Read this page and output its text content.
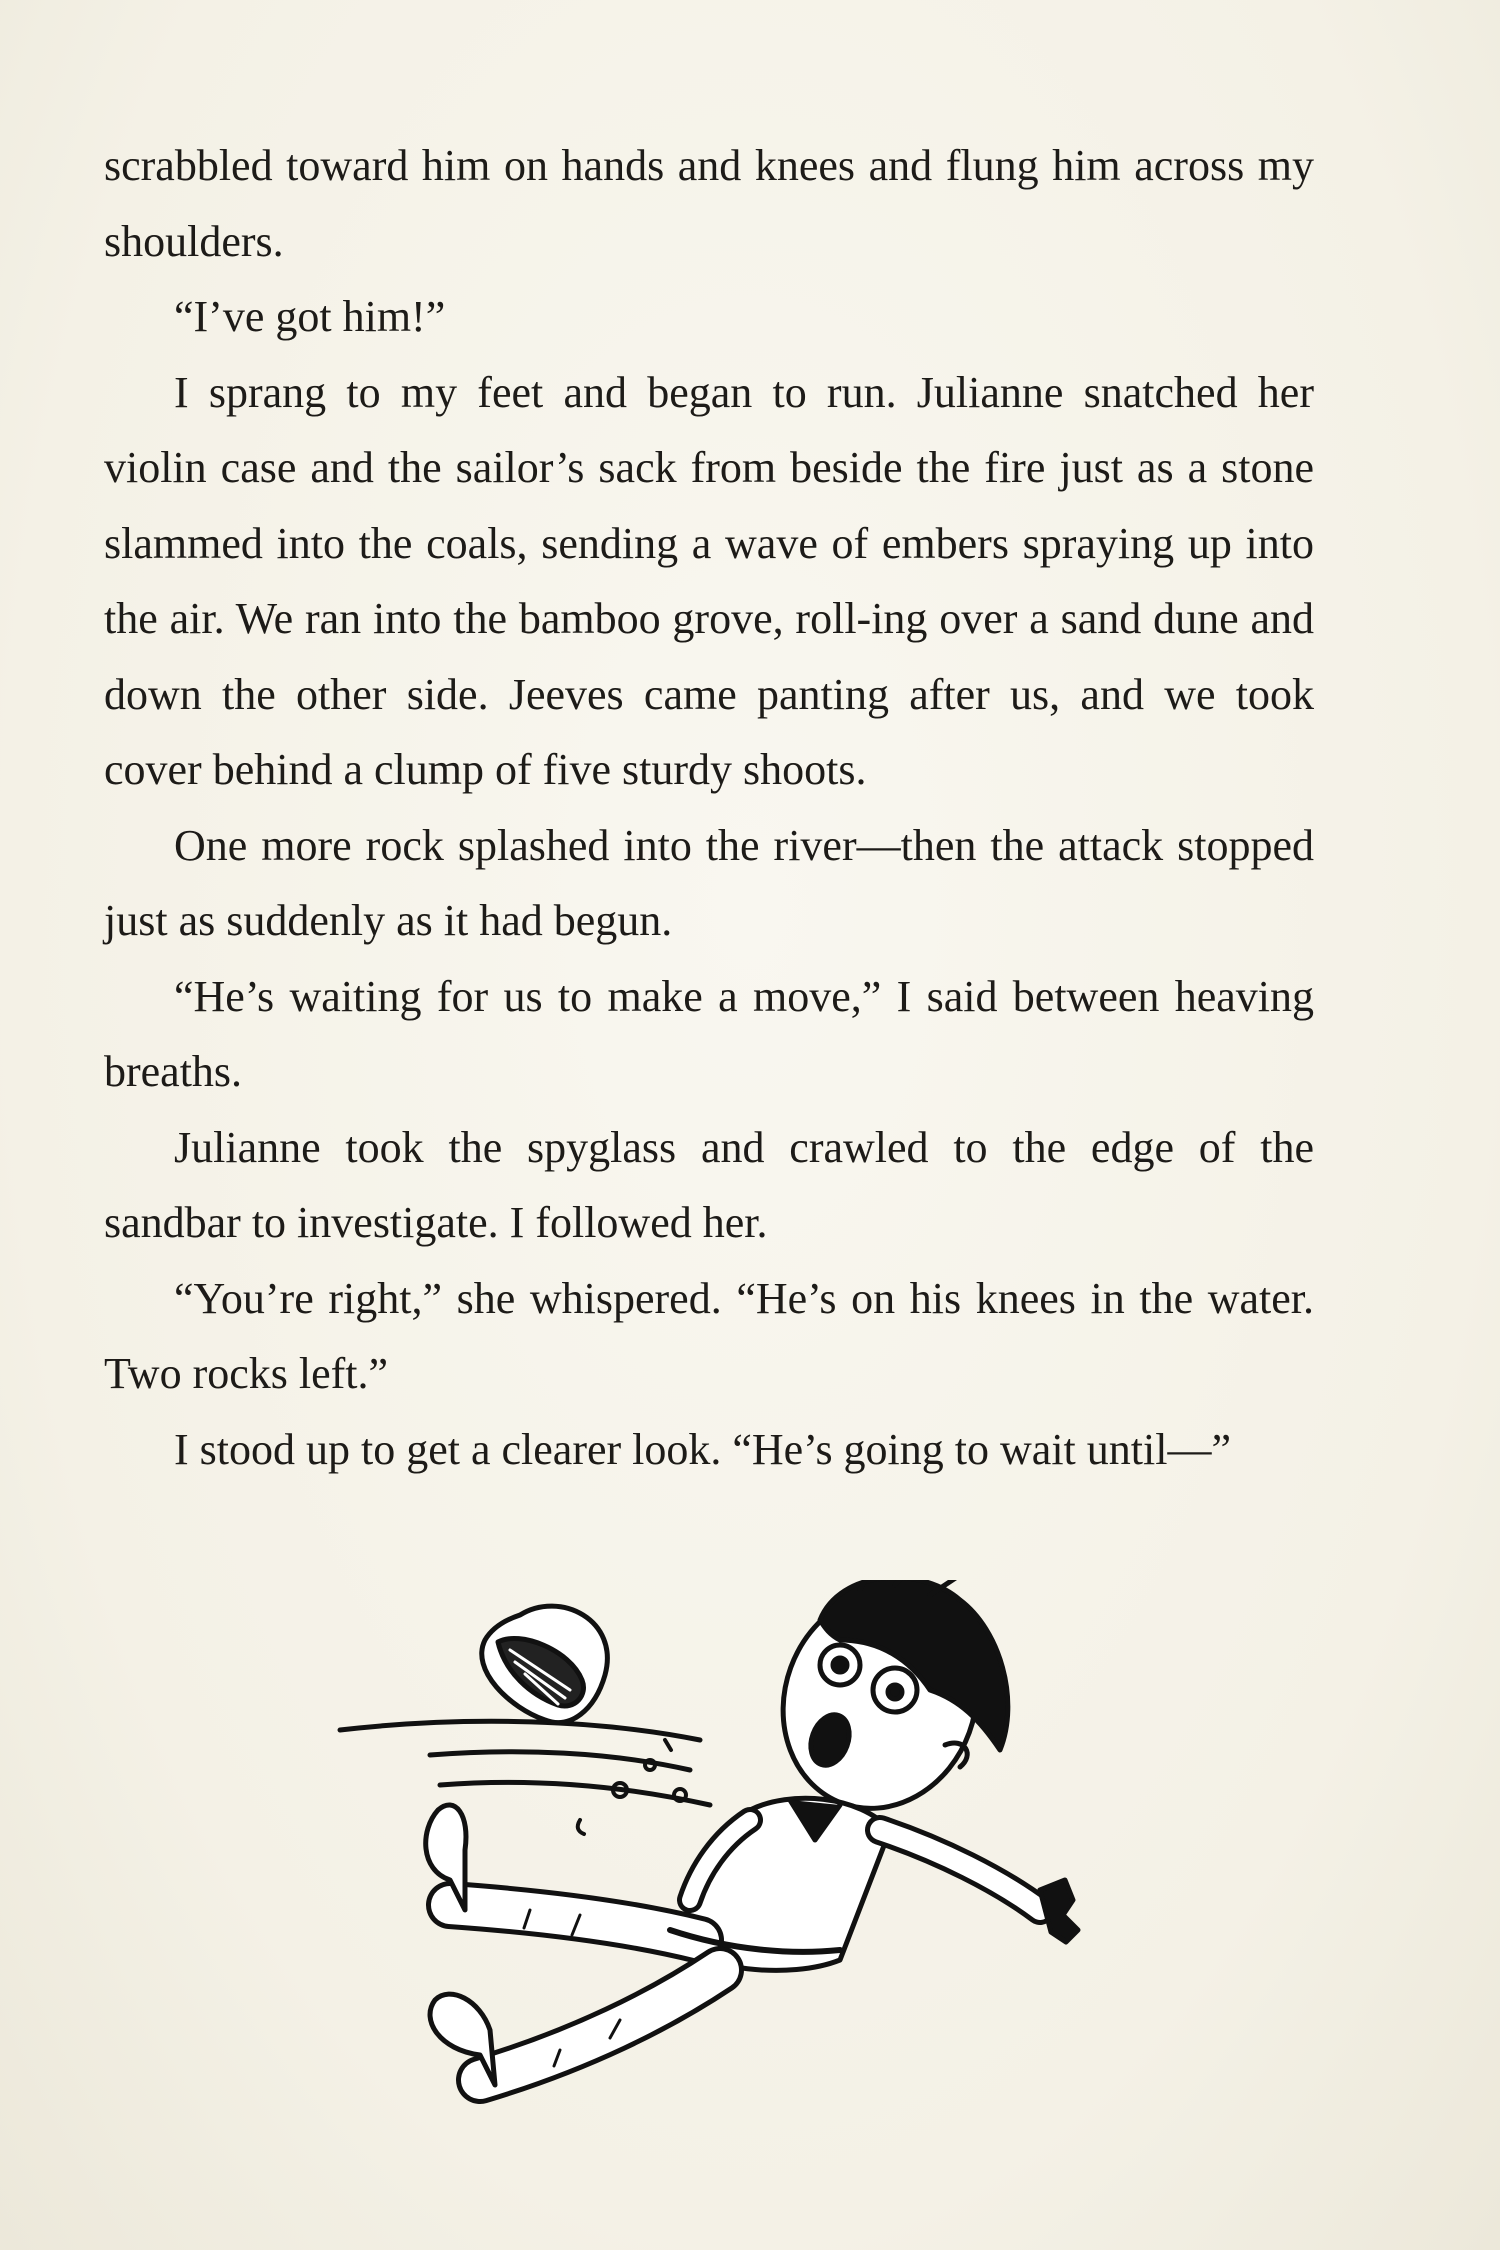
scrabbled toward him on hands and knees and flung him across my shoulders.

“I’ve got him!”

I sprang to my feet and began to run. Julianne snatched her violin case and the sailor’s sack from beside the fire just as a stone slammed into the coals, sending a wave of embers spraying up into the air. We ran into the bamboo grove, roll-ing over a sand dune and down the other side. Jeeves came panting after us, and we took cover behind a clump of five sturdy shoots.

One more rock splashed into the river—then the attack stopped just as suddenly as it had begun.

“He’s waiting for us to make a move,” I said between heaving breaths.

Julianne took the spyglass and crawled to the edge of the sandbar to investigate. I followed her.

“You’re right,” she whispered. “He’s on his knees in the water. Two rocks left.”

I stood up to get a clearer look. “He’s going to wait until—”
